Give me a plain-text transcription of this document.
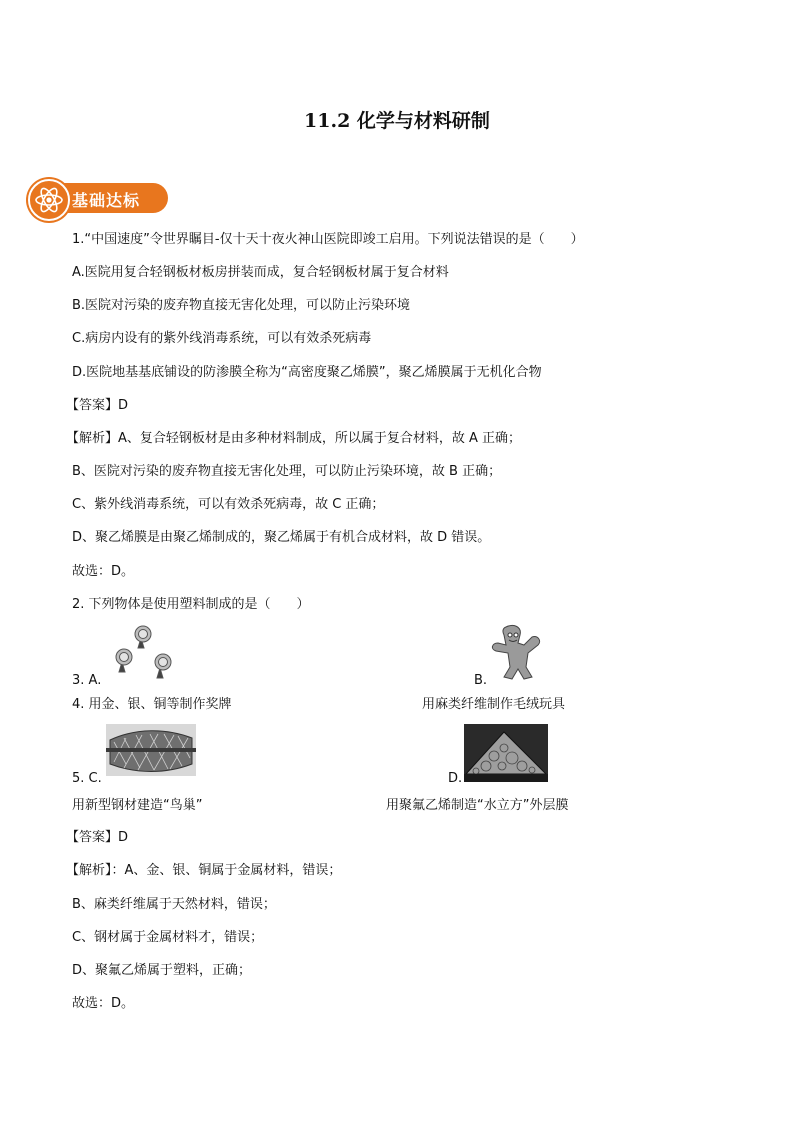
11.2 化学与材料研制
基础达标
1.“中国速度”令世界瞩目-仅十天十夜火神山医院即竣工启用。下列说法错误的是（　　）
A.医院用复合轻钢板材板房拼装而成，复合轻钢板材属于复合材料
B.医院对污染的废弃物直接无害化处理，可以防止污染环境
C.病房内设有的紫外线消毒系统，可以有效杀死病毒
D.医院地基基底铺设的防渗膜全称为“高密度聚乙烯膜”，聚乙烯膜属于无机化合物
【答案】D
【解析】A、复合轻钢板材是由多种材料制成，所以属于复合材料，故 A 正确；
B、医院对污染的废弃物直接无害化处理，可以防止污染环境，故 B 正确；
C、紫外线消毒系统，可以有效杀死病毒，故 C 正确；
D、聚乙烯膜是由聚乙烯制成的，聚乙烯属于有机合成材料，故 D 错误。
故选：D。
2. 下列物体是使用塑料制成的是（　　）
3. A.	B.
4. 用金、银、铜等制作奖牌	用麻类纤维制作毛绒玩具
5. C.	D.
用新型钢材建造“鸟巢”	用聚氟乙烯制造“水立方”外层膜
【答案】D
【解析】：A、金、银、铜属于金属材料，错误；
B、麻类纤维属于天然材料，错误；
C、钢材属于金属材料才，错误；
D、聚氟乙烯属于塑料，正确；
故选：D。
